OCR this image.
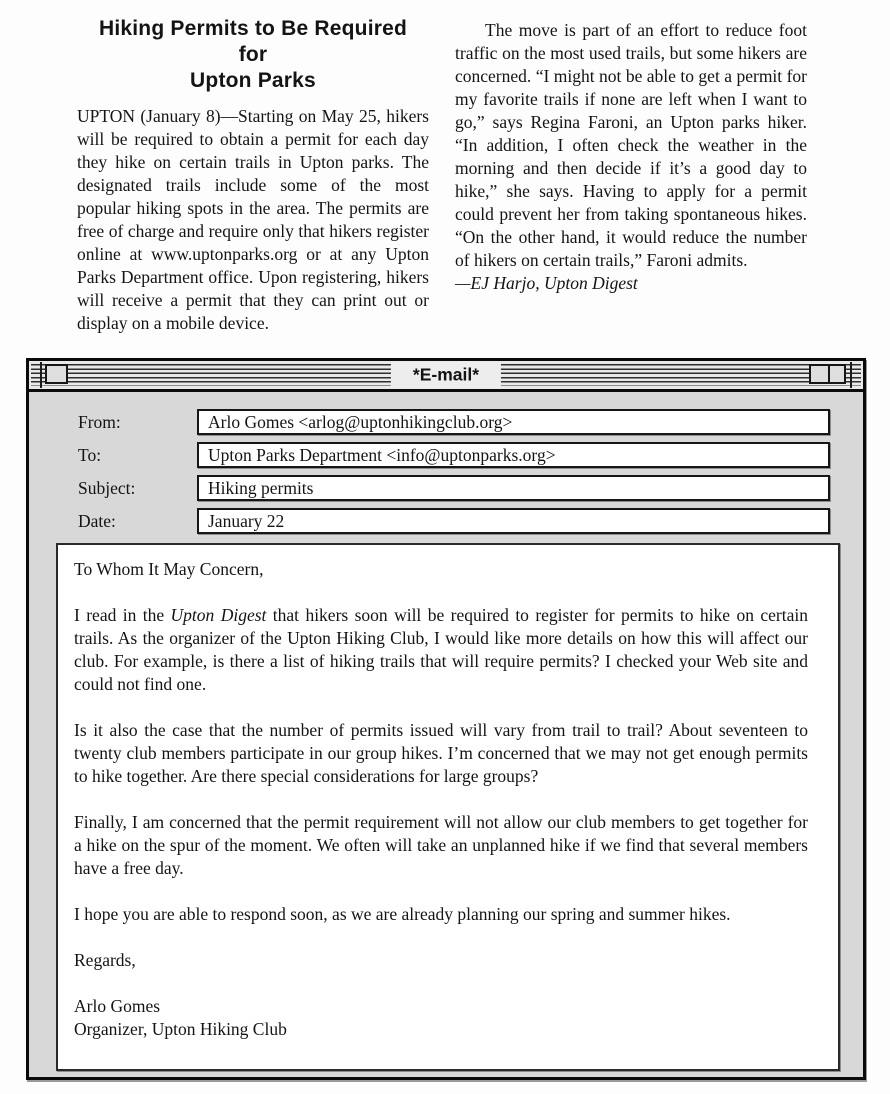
Hiking Permits to Be Required for
Upton Parks

UPTON (January 8)—Starting on May 25, hikers will be required to obtain a permit for each day they hike on certain trails in Upton parks. The designated trails include some of the most popular hiking spots in the area. The permits are free of charge and require only that hikers register online at www.uptonparks.org or at any Upton Parks Department office. Upon registering, hikers will receive a permit that they can print out or display on a mobile device.

The move is part of an effort to reduce foot traffic on the most used trails, but some hikers are concerned. “I might not be able to get a permit for my favorite trails if none are left when I want to go,” says Regina Faroni, an Upton parks hiker. “In addition, I often check the weather in the morning and then decide if it’s a good day to hike,” she says. Having to apply for a permit could prevent her from taking spontaneous hikes. “On the other hand, it would reduce the number of hikers on certain trails,” Faroni admits.

—EJ Harjo, Upton Digest

*E-mail*
From:	Arlo Gomes <arlog@uptonhikingclub.org>
To:	Upton Parks Department <info@uptonparks.org>
Subject:	Hiking permits
Date:	January 22

To Whom It May Concern,

I read in the Upton Digest that hikers soon will be required to register for permits to hike on certain trails. As the organizer of the Upton Hiking Club, I would like more details on how this will affect our club. For example, is there a list of hiking trails that will require permits? I checked your Web site and could not find one.

Is it also the case that the number of permits issued will vary from trail to trail? About seventeen to twenty club members participate in our group hikes. I’m concerned that we may not get enough permits to hike together. Are there special considerations for large groups?

Finally, I am concerned that the permit requirement will not allow our club members to get together for a hike on the spur of the moment. We often will take an unplanned hike if we find that several members have a free day.

I hope you are able to respond soon, as we are already planning our spring and summer hikes.

Regards,

Arlo Gomes
Organizer, Upton Hiking Club
